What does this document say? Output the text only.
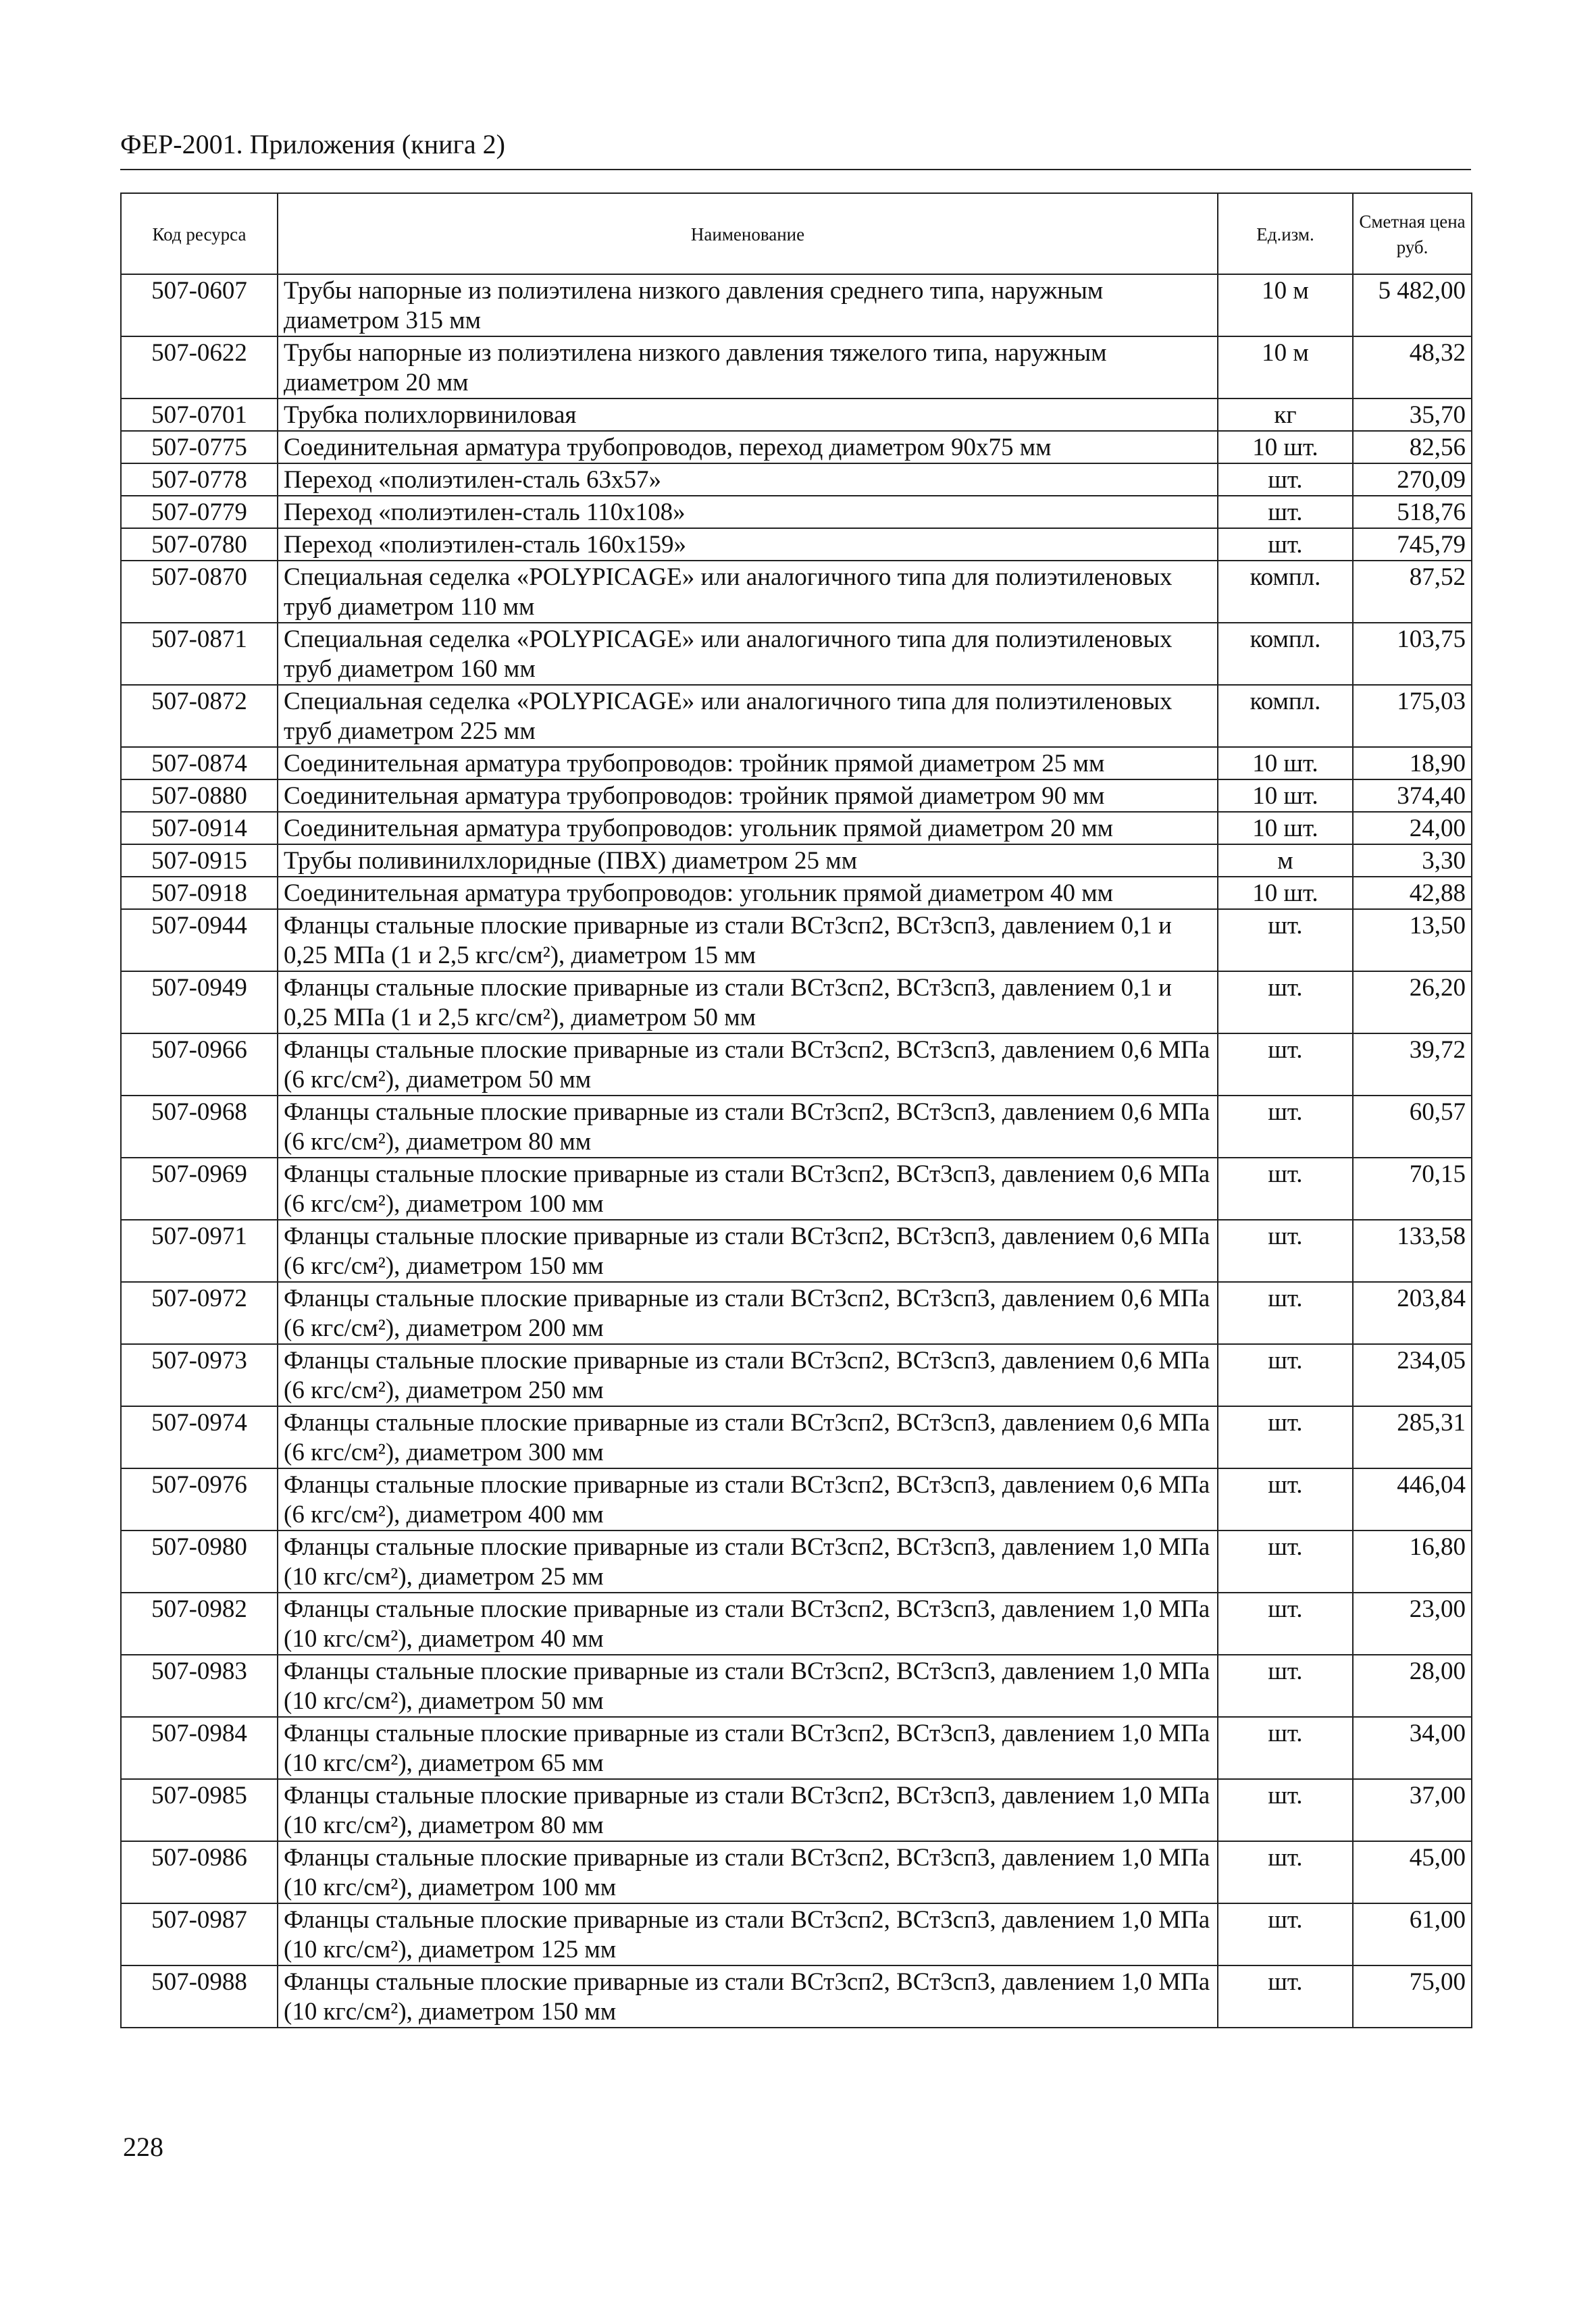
ФЕР-2001. Приложения (книга 2)
Код ресурса	Наименование	Ед.изм.	Сметная цена руб.
507-0607	Трубы напорные из полиэтилена низкого давления среднего типа, наружным диаметром 315 мм	10 м	5 482,00
507-0622	Трубы напорные из полиэтилена низкого давления тяжелого типа, наружным диаметром 20 мм	10 м	48,32
507-0701	Трубка полихлорвиниловая	кг	35,70
507-0775	Соединительная арматура трубопроводов, переход диаметром 90х75 мм	10 шт.	82,56
507-0778	Переход «полиэтилен-сталь 63х57»	шт.	270,09
507-0779	Переход «полиэтилен-сталь 110х108»	шт.	518,76
507-0780	Переход «полиэтилен-сталь 160х159»	шт.	745,79
507-0870	Специальная седелка «POLYPICAGE» или аналогичного типа для полиэтиленовых труб диаметром 110 мм	компл.	87,52
507-0871	Специальная седелка «POLYPICAGE» или аналогичного типа для полиэтиленовых труб диаметром 160 мм	компл.	103,75
507-0872	Специальная седелка «POLYPICAGE» или аналогичного типа для полиэтиленовых труб диаметром 225 мм	компл.	175,03
507-0874	Соединительная арматура трубопроводов: тройник прямой диаметром 25 мм	10 шт.	18,90
507-0880	Соединительная арматура трубопроводов: тройник прямой диаметром 90 мм	10 шт.	374,40
507-0914	Соединительная арматура трубопроводов: угольник прямой диаметром 20 мм	10 шт.	24,00
507-0915	Трубы поливинилхлоридные (ПВХ) диаметром 25 мм	м	3,30
507-0918	Соединительная арматура трубопроводов: угольник прямой диаметром 40 мм	10 шт.	42,88
507-0944	Фланцы стальные плоские приварные из стали ВСт3сп2, ВСт3сп3, давлением 0,1 и 0,25 МПа (1 и 2,5 кгс/см²), диаметром 15 мм	шт.	13,50
507-0949	Фланцы стальные плоские приварные из стали ВСт3сп2, ВСт3сп3, давлением 0,1 и 0,25 МПа (1 и 2,5 кгс/см²), диаметром 50 мм	шт.	26,20
507-0966	Фланцы стальные плоские приварные из стали ВСт3сп2, ВСт3сп3, давлением 0,6 МПа (6 кгс/см²), диаметром 50 мм	шт.	39,72
507-0968	Фланцы стальные плоские приварные из стали ВСт3сп2, ВСт3сп3, давлением 0,6 МПа (6 кгс/см²), диаметром 80 мм	шт.	60,57
507-0969	Фланцы стальные плоские приварные из стали ВСт3сп2, ВСт3сп3, давлением 0,6 МПа (6 кгс/см²), диаметром 100 мм	шт.	70,15
507-0971	Фланцы стальные плоские приварные из стали ВСт3сп2, ВСт3сп3, давлением 0,6 МПа (6 кгс/см²), диаметром 150 мм	шт.	133,58
507-0972	Фланцы стальные плоские приварные из стали ВСт3сп2, ВСт3сп3, давлением 0,6 МПа (6 кгс/см²), диаметром 200 мм	шт.	203,84
507-0973	Фланцы стальные плоские приварные из стали ВСт3сп2, ВСт3сп3, давлением 0,6 МПа (6 кгс/см²), диаметром 250 мм	шт.	234,05
507-0974	Фланцы стальные плоские приварные из стали ВСт3сп2, ВСт3сп3, давлением 0,6 МПа (6 кгс/см²), диаметром 300 мм	шт.	285,31
507-0976	Фланцы стальные плоские приварные из стали ВСт3сп2, ВСт3сп3, давлением 0,6 МПа (6 кгс/см²), диаметром 400 мм	шт.	446,04
507-0980	Фланцы стальные плоские приварные из стали ВСт3сп2, ВСт3сп3, давлением 1,0 МПа (10 кгс/см²), диаметром 25 мм	шт.	16,80
507-0982	Фланцы стальные плоские приварные из стали ВСт3сп2, ВСт3сп3, давлением 1,0 МПа (10 кгс/см²), диаметром 40 мм	шт.	23,00
507-0983	Фланцы стальные плоские приварные из стали ВСт3сп2, ВСт3сп3, давлением 1,0 МПа (10 кгс/см²), диаметром 50 мм	шт.	28,00
507-0984	Фланцы стальные плоские приварные из стали ВСт3сп2, ВСт3сп3, давлением 1,0 МПа (10 кгс/см²), диаметром 65 мм	шт.	34,00
507-0985	Фланцы стальные плоские приварные из стали ВСт3сп2, ВСт3сп3, давлением 1,0 МПа (10 кгс/см²), диаметром 80 мм	шт.	37,00
507-0986	Фланцы стальные плоские приварные из стали ВСт3сп2, ВСт3сп3, давлением 1,0 МПа (10 кгс/см²), диаметром 100 мм	шт.	45,00
507-0987	Фланцы стальные плоские приварные из стали ВСт3сп2, ВСт3сп3, давлением 1,0 МПа (10 кгс/см²), диаметром 125 мм	шт.	61,00
507-0988	Фланцы стальные плоские приварные из стали ВСт3сп2, ВСт3сп3, давлением 1,0 МПа (10 кгс/см²), диаметром 150 мм	шт.	75,00
228
